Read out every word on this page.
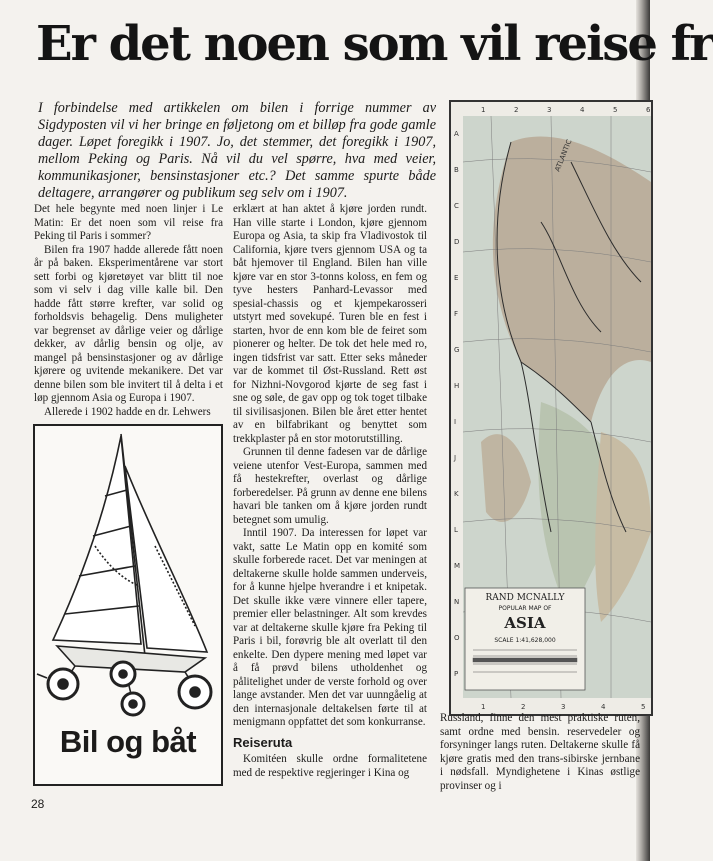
Er det noen som vil reise fr

I forbindelse med artikkelen om bilen i forrige nummer av Sigdyposten vil vi her bringe en føljetong om et billøp fra gode gamle dager. Løpet foregikk i 1907. Jo, det stemmer, det foregikk i 1907, mellom Peking og Paris. Nå vil du vel spørre, hva med veier, kommunikasjoner, bensinstasjoner etc.? Det samme spurte både deltagere, arrangører og publikum seg selv om i 1907.

Det hele begynte med noen linjer i Le Matin: Er det noen som vil reise fra Peking til Paris i sommer?

Bilen fra 1907 hadde allerede fått noen år på baken. Eksperimentårene var stort sett forbi og kjøretøyet var blitt til noe som vi selv i dag ville kalle bil. Den hadde fått større krefter, var solid og forholdsvis behagelig. Dens muligheter var begrenset av dårlige veier og dårlige dekker, av dårlig bensin og olje, av mangel på bensinstasjoner og av dårlige kjørere og uvitende mekanikere. Det var denne bilen som ble invitert til å delta i et løp gjennom Asia og Europa i 1907.

Allerede i 1902 hadde en dr. Lehwers

Bil og båt

erklært at han aktet å kjøre jorden rundt. Han ville starte i London, kjøre gjennom Europa og Asia, ta skip fra Vladivostok til California, kjøre tvers gjennom USA og ta båt hjemover til England. Bilen han ville kjøre var en stor 3-tonns koloss, en fem og tyve hesters Panhard-Levassor med spesial-chassis og et kjempekarosseri utstyrt med sovekupé. Turen ble en fest i starten, hvor de enn kom ble de feiret som pionerer og helter. De tok det hele med ro, ingen tidsfrist var satt. Etter seks måneder var de kommet til Øst-Russland. Rett øst for Nizhni-Novgorod kjørte de seg fast i sne og søle, de gav opp og tok toget tilbake til sivilisasjonen. Bilen ble året etter hentet av en bilfabrikant og benyttet som trekkplaster på en stor motorutstilling.

Grunnen til denne fadesen var de dårlige veiene utenfor Vest-Europa, sammen med få hestekrefter, overlast og dårlige forberedelser. På grunn av denne ene bilens havari ble tanken om å kjøre jorden rundt betegnet som umulig.

Inntil 1907. Da interessen for løpet var vakt, satte Le Matin opp en komité som skulle forberede racet. Det var meningen at deltakerne skulle holde sammen underveis, for å kunne hjelpe hverandre i et knipetak. Det skulle ikke være vinnere eller tapere, premier eller belastninger. Alt som krevdes var at deltakerne skulle kjøre fra Peking til Paris i bil, forøvrig ble alt overlatt til den enkelte. Den dypere mening med løpet var å få prøvd bilens utholdenhet og pålitelighet under de verste forhold og over lange avstander. Men det var uunngåelig at den internasjonale deltakelsen førte til at menigmann oppfattet det som konkurranse.

Reiseruta

Komitéen skulle ordne formalitetene med de respektive regjeringer i Kina og

ATLANTIC
RAND MCNALLY
POPULAR MAP OF
ASIA
SCALE 1:41,628,000
1	2	3	4	5	6
A
B
C
D
E
F
G
H
I
J
K
L
M
N
O
P
1	2	3	4	5

Russland, finne den mest praktiske ruten, samt ordne med bensin. reservedeler og forsyninger langs ruten. Deltakerne skulle få kjøre gratis med den trans-sibirske jernbane i nødsfall. Myndighetene i Kinas østlige provinser og i

28
